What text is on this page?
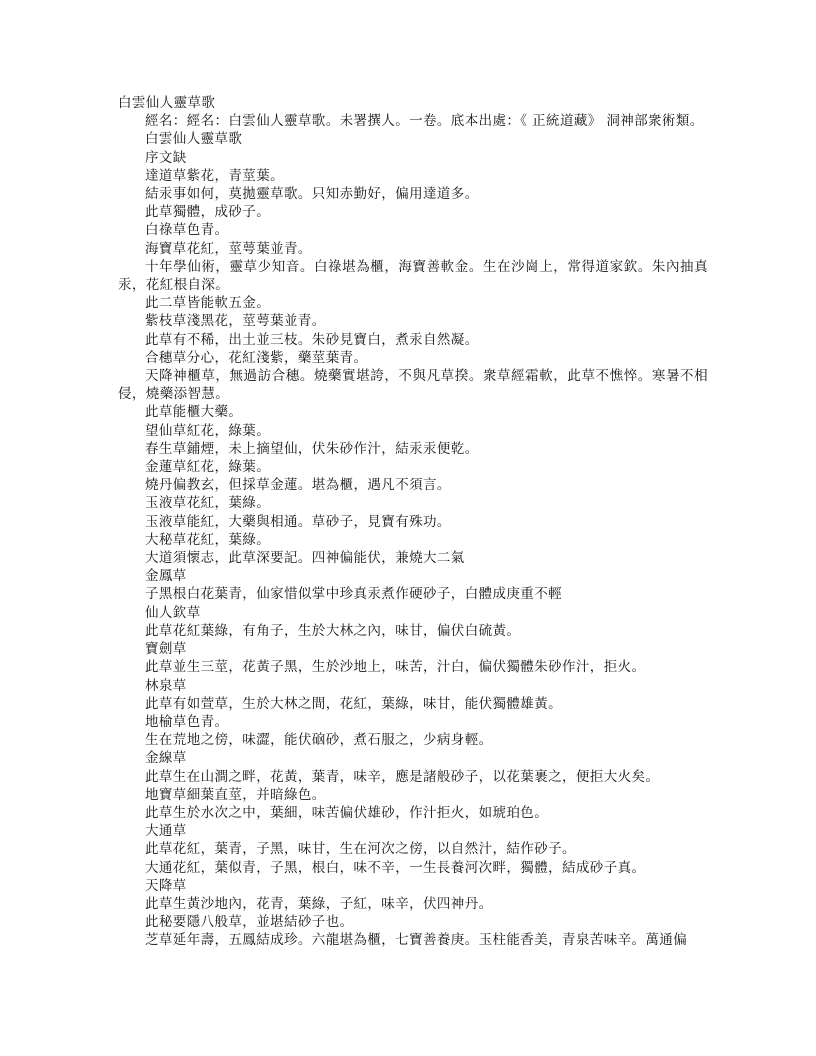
白雲仙人靈草歌
經名：經名：白雲仙人靈草歌。未署撰人。一卷。底本出處：《 正統道藏》 洞神部衆術類。
白雲仙人靈草歌
序文缺
達道草紫花，青莖葉。
結汞事如何，莫拋靈草歌。只知赤勤好，偏用達道多。
此草獨體，成砂子。
白祿草色青。
海寶草花紅，莖萼葉並青。
十年學仙術，靈草少知音。白祿堪為櫃，海寶善軟金。生在沙崗上，常得道家欽。朱內抽真汞，花紅根自深。
此二草皆能軟五金。
紫枝草淺黑花，莖萼葉並青。
此草有不稀，出土並三枝。朱砂見寶白，煮汞自然凝。
合穗草分心，花紅淺紫，藥莖葉青。
天降神櫃草，無過訪合穗。燒藥實堪誇，不與凡草揆。衆草經霜軟，此草不憔悴。寒暑不相侵，燒藥添智慧。
此草能櫃大藥。
望仙草紅花，綠葉。
春生草鋪煙，未上摘望仙，伏朱砂作汁，結汞汞便乾。
金蓮草紅花，綠葉。
燒丹偏教玄，但採草金蓮。堪為櫃，遇凡不須言。
玉液草花紅，葉綠。
玉液草能紅，大藥與相通。草砂子，見寶有殊功。
大秘草花紅，葉綠。
大道須懷志，此草深要記。四神偏能伏，兼燒大二氣
金鳳草
子黑根白花葉青，仙家惜似掌中珍真汞煮作硬砂子，白體成庚重不輕
仙人欽草
此草花紅葉綠，有角子，生於大林之內，味甘，偏伏白硫黃。
寶劍草
此草並生三莖，花黃子黑，生於沙地上，味苦，汁白，偏伏獨體朱砂作汁，拒火。
林泉草
此草有如萱草，生於大林之間，花紅，葉綠，味甘，能伏獨體雄黃。
地榆草色青。
生在荒地之傍，味澀，能伏硇砂，煮石服之，少病身輕。
金線草
此草生在山澗之畔，花黃，葉青，味辛，應是諸般砂子，以花葉裹之，便拒大火矣。
地寶草細葉直莖，并暗綠色。
此草生於水次之中，葉細，味苦偏伏雄砂，作汁拒火，如琥珀色。
大通草
此草花紅，葉青，子黑，味甘，生在河次之傍，以自然汁，結作砂子。
大通花紅，葉似青，子黑，根白，味不辛，一生長養河次畔，獨體，結成砂子真。
天降草
此草生黃沙地內，花青，葉綠，子紅，味辛，伏四神丹。
此秘要隱八般草，並堪結砂子也。
芝草延年壽，五鳳結成珍。六龍堪為櫃，七寶善養庚。玉柱能香美，青泉苦味辛。萬通偏
